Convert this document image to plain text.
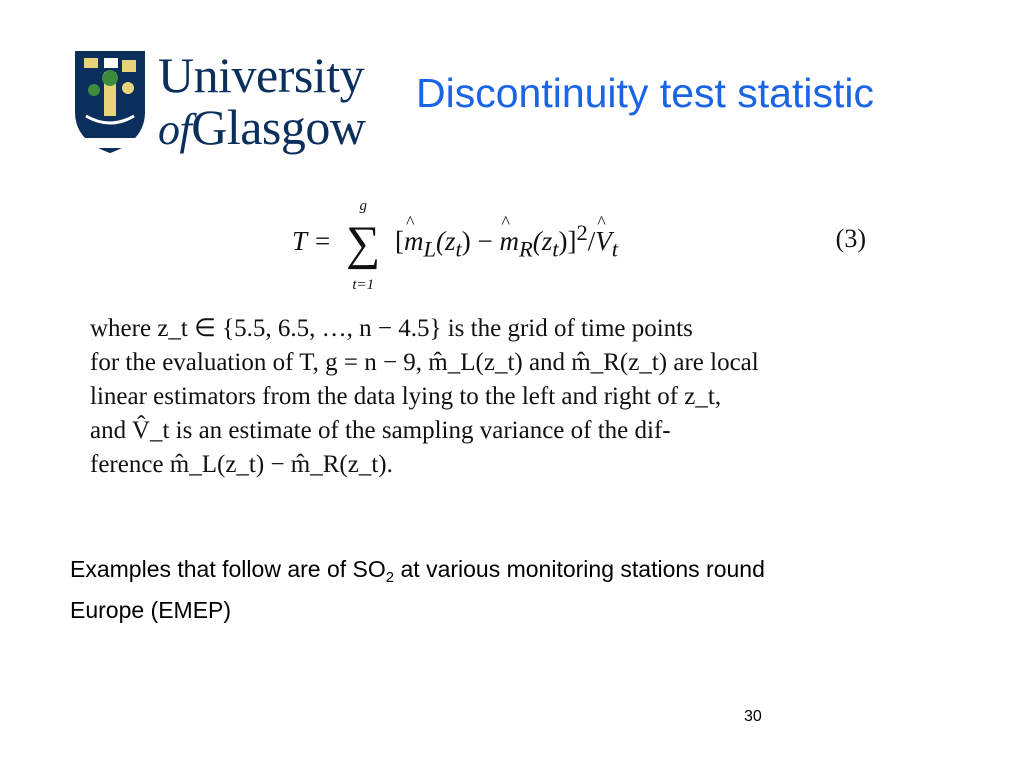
University
ofGlasgow
Discontinuity test statistic
T =
g
∑
t=1
[^ $m_L(z_t)$ − ^ $m_R(z_t)]^2/\^{}$ $V_t$	(3)
where z_t ∈ {5.5, 6.5, …, n − 4.5} is the grid of time points
for the evaluation of T, g = n − 9, m̂_L(z_t) and m̂_R(z_t) are local
linear estimators from the data lying to the left and right of z_t,
and V̂_t is an estimate of the sampling variance of the dif-
ference m̂_L(z_t) − m̂_R(z_t).
Examples that follow are of $SO_2$ at various monitoring stations round
Europe (EMEP)
30
